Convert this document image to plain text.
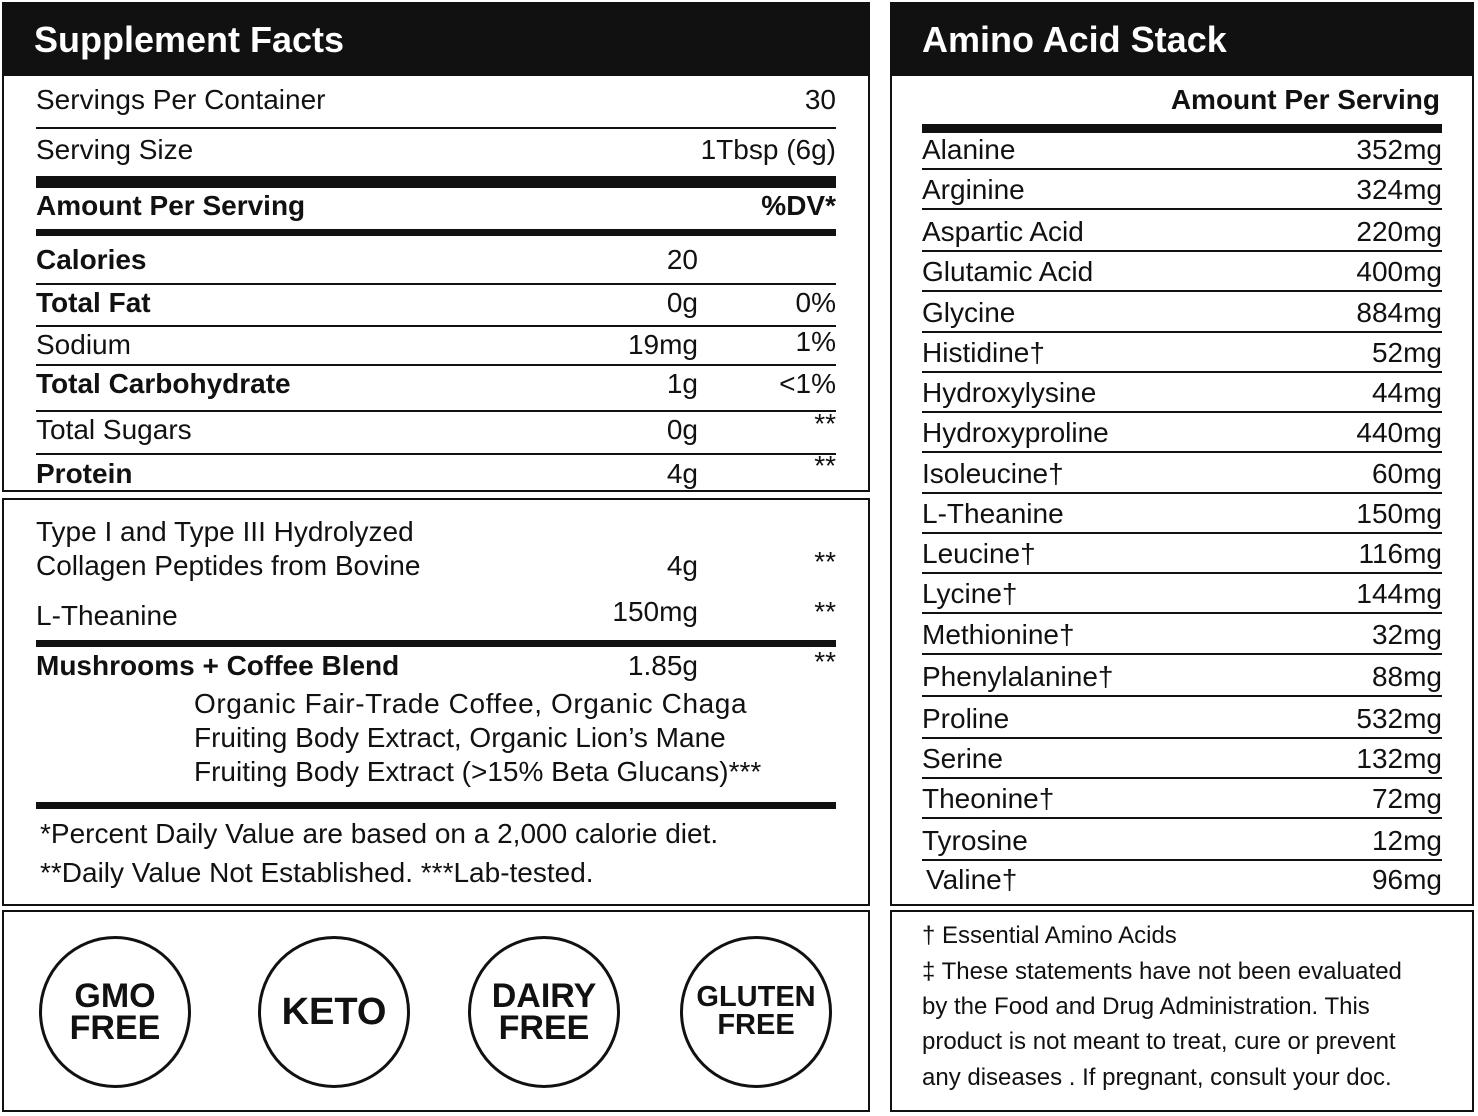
Supplement Facts
Servings Per Container	30
Serving Size	1Tbsp (6g)
Amount Per Serving	%DV*
Calories	20
Total Fat	0g	0%
Sodium	19mg	1%
Total Carbohydrate	1g	<1%
Total Sugars	0g	**
Protein	4g	**
Type I and Type III Hydrolyzed
Collagen Peptides from Bovine	4g	**
L-Theanine	150mg	**
Mushrooms + Coffee Blend	1.85g	**
Organic Fair-Trade Coffee, Organic Chaga
Fruiting Body Extract, Organic Lion’s Mane
Fruiting Body Extract (>15% Beta Glucans)***
*Percent Daily Value are based on a 2,000 calorie diet.
**Daily Value Not Established. ***Lab-tested.
GMO
FREE	KETO	DAIRY
FREE
GLUTEN
FREE
Amino Acid Stack
Amount Per Serving
Alanine	352mg
Arginine	324mg
Aspartic Acid	220mg
Glutamic Acid	400mg
Glycine	884mg
Histidine†	52mg
Hydroxylysine	44mg
Hydroxyproline	440mg
Isoleucine†	60mg
L-Theanine	150mg
Leucine†	116mg
Lycine†	144mg
Methionine†	32mg
Phenylalanine†	88mg
Proline	532mg
Serine	132mg
Theonine†	72mg
Tyrosine	12mg
Valine†	96mg
† Essential Amino Acids
‡ These statements have not been evaluated
by the Food and Drug Administration. This
product is not meant to treat, cure or prevent
any diseases . If pregnant, consult your doc.
